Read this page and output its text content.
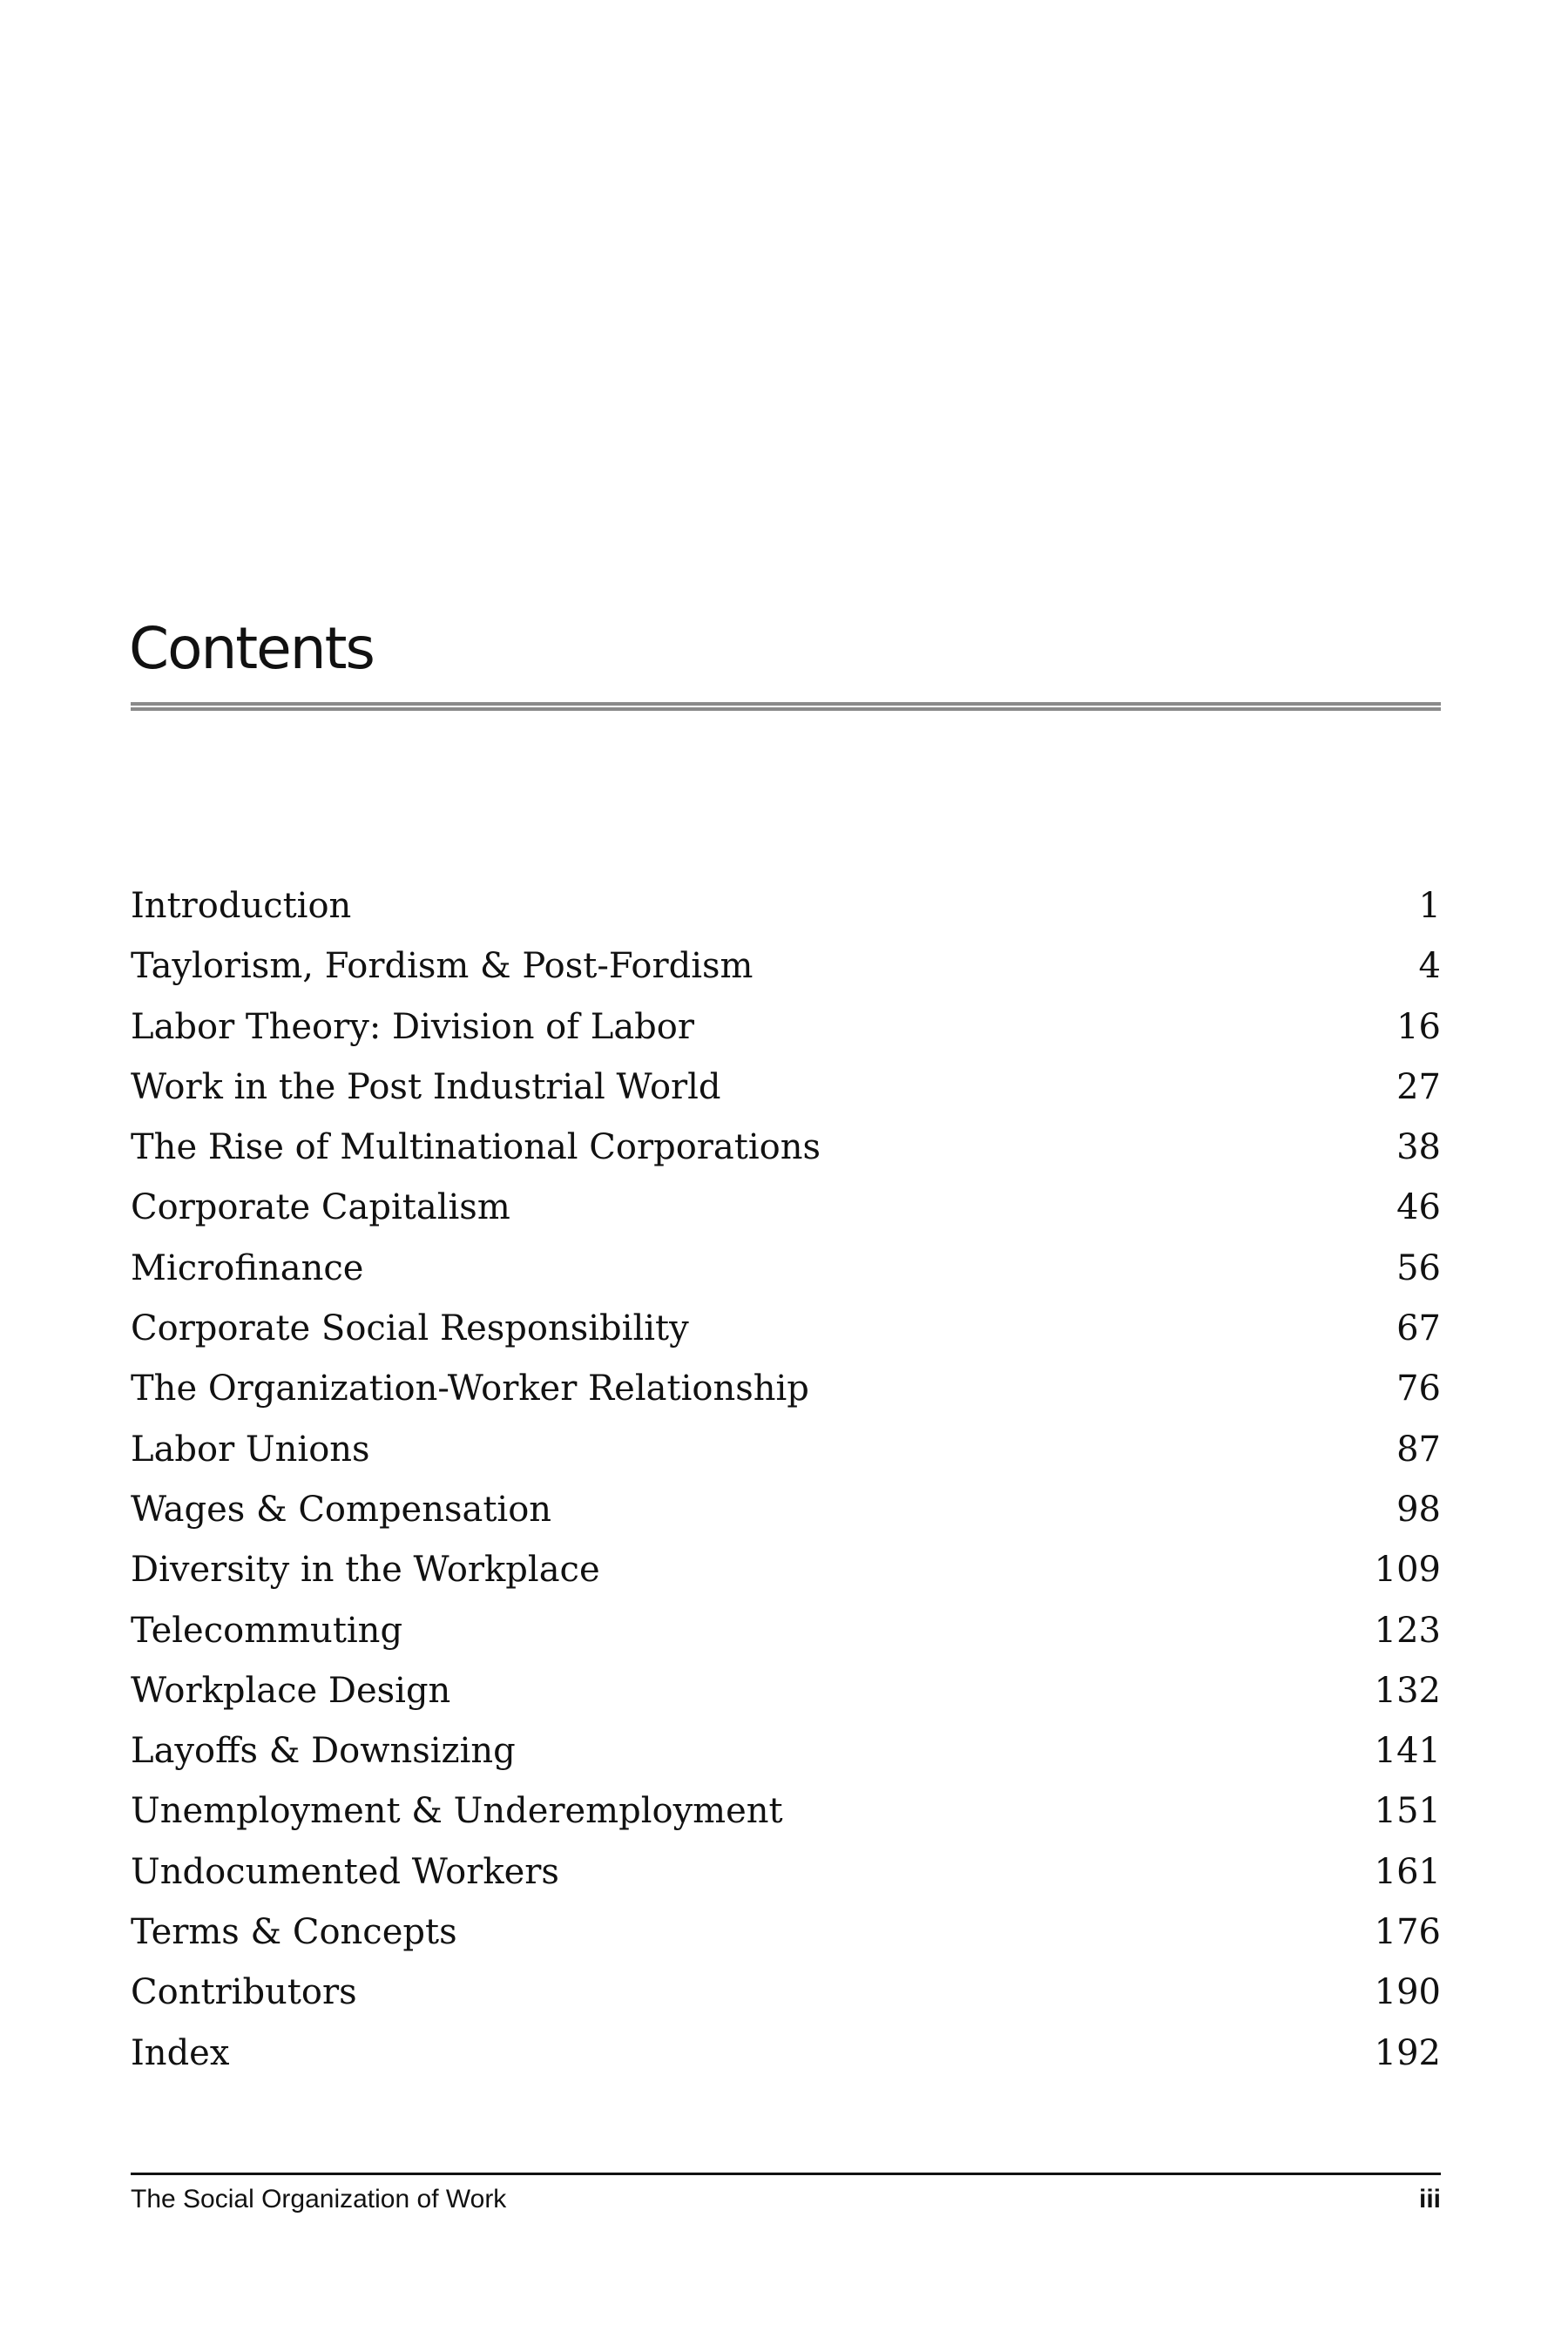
Contents
Introduction	1
Taylorism, Fordism & Post-Fordism	4
Labor Theory: Division of Labor	16
Work in the Post Industrial World	27
The Rise of Multinational Corporations	38
Corporate Capitalism	46
Microfinance	56
Corporate Social Responsibility	67
The Organization-Worker Relationship	76
Labor Unions	87
Wages & Compensation	98
Diversity in the Workplace	109
Telecommuting	123
Workplace Design	132
Layoffs & Downsizing	141
Unemployment & Underemployment	151
Undocumented Workers	161
Terms & Concepts	176
Contributors	190
Index	192
The Social Organization of Work	iii
